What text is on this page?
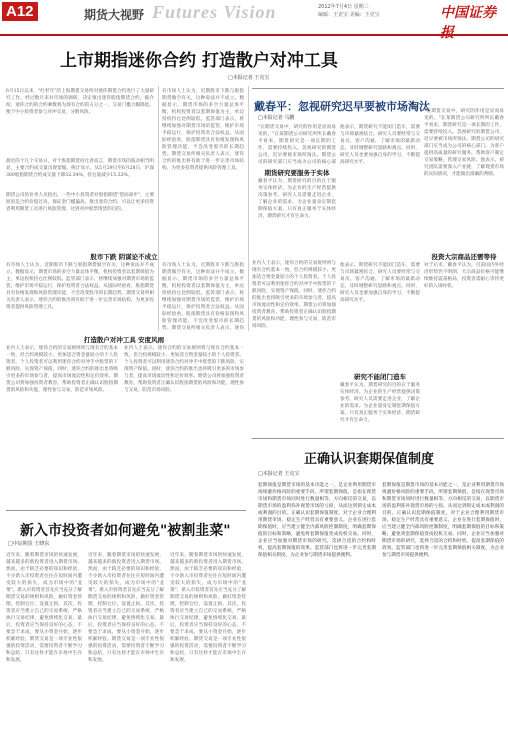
A12	期货大视野 Futures Vision	2012年7月4日 星期三
编辑：王克宝 美编：王克宝	中国证券报
上市期指迷你合约 打造散户对冲工具
□本报记者 王克宝
6月15日以来，"红杉年"的上海期货交易所对迷你期货合约进行了大量研究工作，经过数月来对市场的调研，决定推出迷你股指期货合约。据介绍，迷你合约的合约乘数将为现有合约的五分之一，交易门槛大幅降低，便于中小投资者参与对冲交易，分散风险。
最近的十几个交易日，对于股指期货持仓者而言，期货市场的波动相当明显，主要合约成交量出现萎缩。统计显示，从5月29日至6月28日，沪深300股指期货合约成交量下降32.34%，持仓量减少15.32%。
期货公司的业务人员指出，一些中小投资者对股指期货"望而却步"，主要原因是合约价值过高，保证金门槛偏高。推出迷你合约，可以让更多投资者利用期货工具进行风险管理，达到对冲股票现货的目的。
股市下跌 阴谋论不成立
有市场人士认为，近期股市下跌与股指期货做空有关，这种说法并不成立。数据显示，期货市场的多空力量总体平衡，机构投资者以套期保值为主，单边投机持仓比例较低。监管部门表示，将继续加强对期货市场的监管，维护市场平稳运行，保护投资者合法权益。从国际经验看，股指期货具有价格发现和风险管理功能，不会改变股市的长期趋势。期货交易所相关负责人表示，迷你合约的推出将有助于进一步完善市场结构，为更多投资者提供风险管理工具。
有市场人士认为，近期股市下跌与股指期货做空有关，这种说法并不成立。数据显示，期货市场的多空力量总体平衡，机构投资者以套期保值为主，单边投机持仓比例较低。监管部门表示，将继续加强对期货市场的监管，维护市场平稳运行，保护投资者合法权益。从国际经验看，股指期货具有价格发现和风险管理功能，不会改变股市的长期趋势。期货交易所相关负责人表示，迷你合约的推出将有助于进一步完善市场结构，为更多投资者提供风险管理工具。
有市场人士认为，近期股市下跌与股指期货做空有关，这种说法并不成立。数据显示，期货市场的多空力量总体平衡，机构投资者以套期保值为主，单边投机持仓比例较低。监管部门表示，将继续加强对期货市场的监管，维护市场平稳运行，保护投资者合法权益。从国际经验看，股指期货具有价格发现和风险管理功能，不会改变股市的长期趋势。期货交易所相关负责人表示，迷你
打造散户对冲工具 安度风雨
业内人士表示，迷你合约的交易规则将与现有合约基本一致，但合约规模较小，更加适合资金量较小的个人投资者。个人投资者可以利用迷你合约对冲手中股票的下跌风险，实现资产保值。同时，迷你合约的推出也将吸引更多的市场参与者，提高市场流动性和定价效率。期货公司将加强投资者教育，帮助投资者正确认识股指期货的风险和功能，理性参与交易，防范市场风险。
业内人士表示，迷你合约的交易规则将与现有合约基本一致，但合约规模较小，更加适合资金量较小的个人投资者。个人投资者可以利用迷你合约对冲手中股票的下跌风险，实现资产保值。同时，迷你合约的推出也将吸引更多的市场参与者，提高市场流动性和定价效率。期货公司将加强投资者教育，帮助投资者正确认识股指期货的风险和功能，理性参与交易，防范市场风险。
业内人士表示，迷你合约的交易规则将与现有合约基本一致，但合约规模较小，更加适合资金量较小的个人投资者。个人投资者可以利用迷你合约对冲手中股票的下跌风险，实现资产保值。同时，迷你合约的推出也将吸引更多的市场参与者，提高市场流动性和定价效率。期货公司将加强投资者教育，帮助投资者正确认识股指期货的风险和功能，理性参与交易，防范市场风险。
戴春平：忽视研究迟早要被市场淘汰
□本报记者 马鹏
"在期货交易中，研究的作用是显而易见的。"在某期货公司研究所所长戴春平看来，期货研究是一项长期的工作，需要持续投入。忽视研究的期货公司，迟早要被市场所淘汰。期货公司的研究部门应当成为公司的核心部
期货研究要服务于实体
戴春平认为，期货研究的目的在于服务实体经济，为企业的生产经营提供决策参考。研究人员需要走进企业，了解企业的需求，为企业量身定制套期保值方案。只有真正服务于实体经济，期货研究才有生命力。
他表示，期货研究不能闭门造车，需要与市场紧密结合。研究人员要经常与交易员、客户沟通，了解市场的最新动态，及时调整研究思路和观点。同时，研究人员也要加强自身的学习，不断提高研究水平。
"在期货交易中，研究的作用是显而易见的。"在某期货公司研究所所长戴春平看来，期货研究是一项长期的工作，需要持续投入。忽视研究的期货公司，迟早要被市场所淘汰。期货公司的研究部门应当成为公司的核心部门，为客户提供高质量的研究服务，帮助客户制定交易策略，管理交易风险。他表示，研究团队需要深入产业链，了解现货市场的实际情况，才能做出准确的判断。
投资大宗商品还需等待
对于后市，戴春平认为，目前国内外经济形势仍不明朗，大宗商品价格可能继续维持震荡格局，投资者需耐心等待更好的入场时机。
研究不能闭门造车
他表示，期货研究不能闭门造车，需要与市场紧密结合。研究人员要经常与交易员、客户沟通，了解市场的最新动态，及时调整研究思路和观点。同时，研究人员也要加强自身的学习，不断提高研究水平。
戴春平认为，期货研究的目的在于服务实体经济，为企业的生产经营提供决策参考。研究人员需要走进企业，了解企业的需求，为企业量身定制套期保值方案。只有真正服务于实体经济，期货研究才有生命力。
正确认识套期保值制度
□本报记者 王克宝
套期保值是期货市场的基本功能之一，是企业利用期货市场规避价格风险的重要手段。所谓套期保值，是指在现货市场和期货市场同时进行数量相等、方向相反的交易，以期货市场的盈利弥补现货市场的亏损，从而达到锁定成本或利润的目的。正确认识套期保值制度，对于企业合理利用期货市场、稳定生产经营具有重要意义。企业在进行套期保值时，应当建立健全内部风险控制制度，明确套期保值的目标和策略，避免将套期保值变成投机交易。同时，企业应当加强对期货市场的研究，选择合适的合约和时机，提高套期保值的效果。监管部门也将进一步完善套期保值相关制度，为企业参与期货市场提供便利。
套期保值是期货市场的基本功能之一，是企业利用期货市场规避价格风险的重要手段。所谓套期保值，是指在现货市场和期货市场同时进行数量相等、方向相反的交易，以期货市场的盈利弥补现货市场的亏损，从而达到锁定成本或利润的目的。正确认识套期保值制度，对于企业合理利用期货市场、稳定生产经营具有重要意义。企业在进行套期保值时，应当建立健全内部风险控制制度，明确套期保值的目标和策略，避免将套期保值变成投机交易。同时，企业应当加强对期货市场的研究，选择合适的合约和时机，提高套期保值的效果。监管部门也将进一步完善套期保值相关制度，为企业参与期货市场提供便利。
新入市投资者如何避免"被割韭菜"
□中证期货 王晓东
近年来，随着期货市场的快速发展，越来越多的新投资者进入期货市场。然而，由于缺乏必要的知识和经验，不少新入市投资者往往在短时间内遭受较大的损失，成为市场中的"韭菜"。新入市投资者首先应当充分了解期货交易的规则和风险，做好资金管理，控制仓位，设置止损。其次，投资者应当建立自己的交易系统，严格执行交易纪律，避免情绪化交易。最后，投资者应当保持良好的心态，不要急于求成，要从小资金开始，逐步积累经验。期货交易是一项专业性很强的投资活动，需要投资者不断学习和总结，只有这样才能在市场中生存和发展。
近年来，随着期货市场的快速发展，越来越多的新投资者进入期货市场。然而，由于缺乏必要的知识和经验，不少新入市投资者往往在短时间内遭受较大的损失，成为市场中的"韭菜"。新入市投资者首先应当充分了解期货交易的规则和风险，做好资金管理，控制仓位，设置止损。其次，投资者应当建立自己的交易系统，严格执行交易纪律，避免情绪化交易。最后，投资者应当保持良好的心态，不要急于求成，要从小资金开始，逐步积累经验。期货交易是一项专业性很强的投资活动，需要投资者不断学习和总结，只有这样才能在市场中生存和发展。
近年来，随着期货市场的快速发展，越来越多的新投资者进入期货市场。然而，由于缺乏必要的知识和经验，不少新入市投资者往往在短时间内遭受较大的损失，成为市场中的"韭菜"。新入市投资者首先应当充分了解期货交易的规则和风险，做好资金管理，控制仓位，设置止损。其次，投资者应当建立自己的交易系统，严格执行交易纪律，避免情绪化交易。最后，投资者应当保持良好的心态，不要急于求成，要从小资金开始，逐步积累经验。期货交易是一项专业性很强的投资活动，需要投资者不断学习和总结，只有这样才能在市场中生存和发展。
